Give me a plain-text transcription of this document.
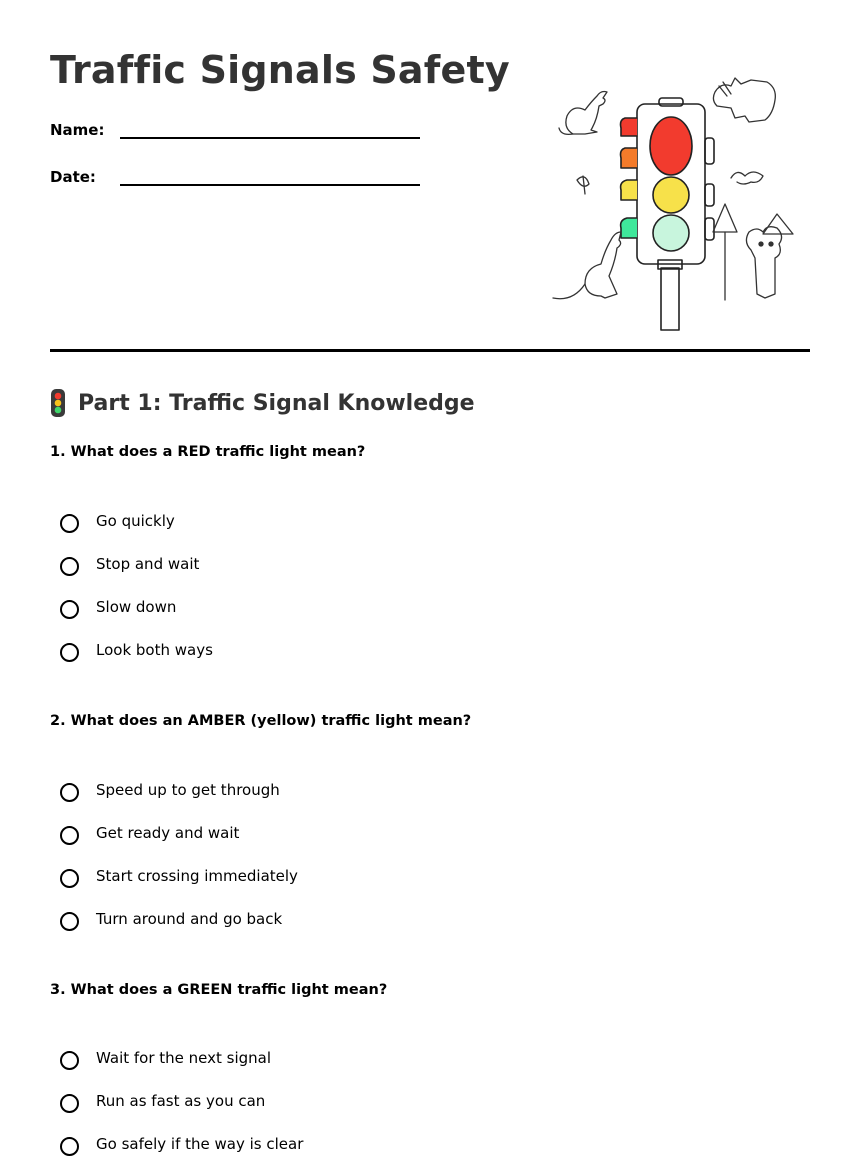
Traffic Signals Safety
Name:
Date:
Part 1: Traffic Signal Knowledge
1. What does a RED traffic light mean?
Go quickly
Stop and wait
Slow down
Look both ways
2. What does an AMBER (yellow) traffic light mean?
Speed up to get through
Get ready and wait
Start crossing immediately
Turn around and go back
3. What does a GREEN traffic light mean?
Wait for the next signal
Run as fast as you can
Go safely if the way is clear
